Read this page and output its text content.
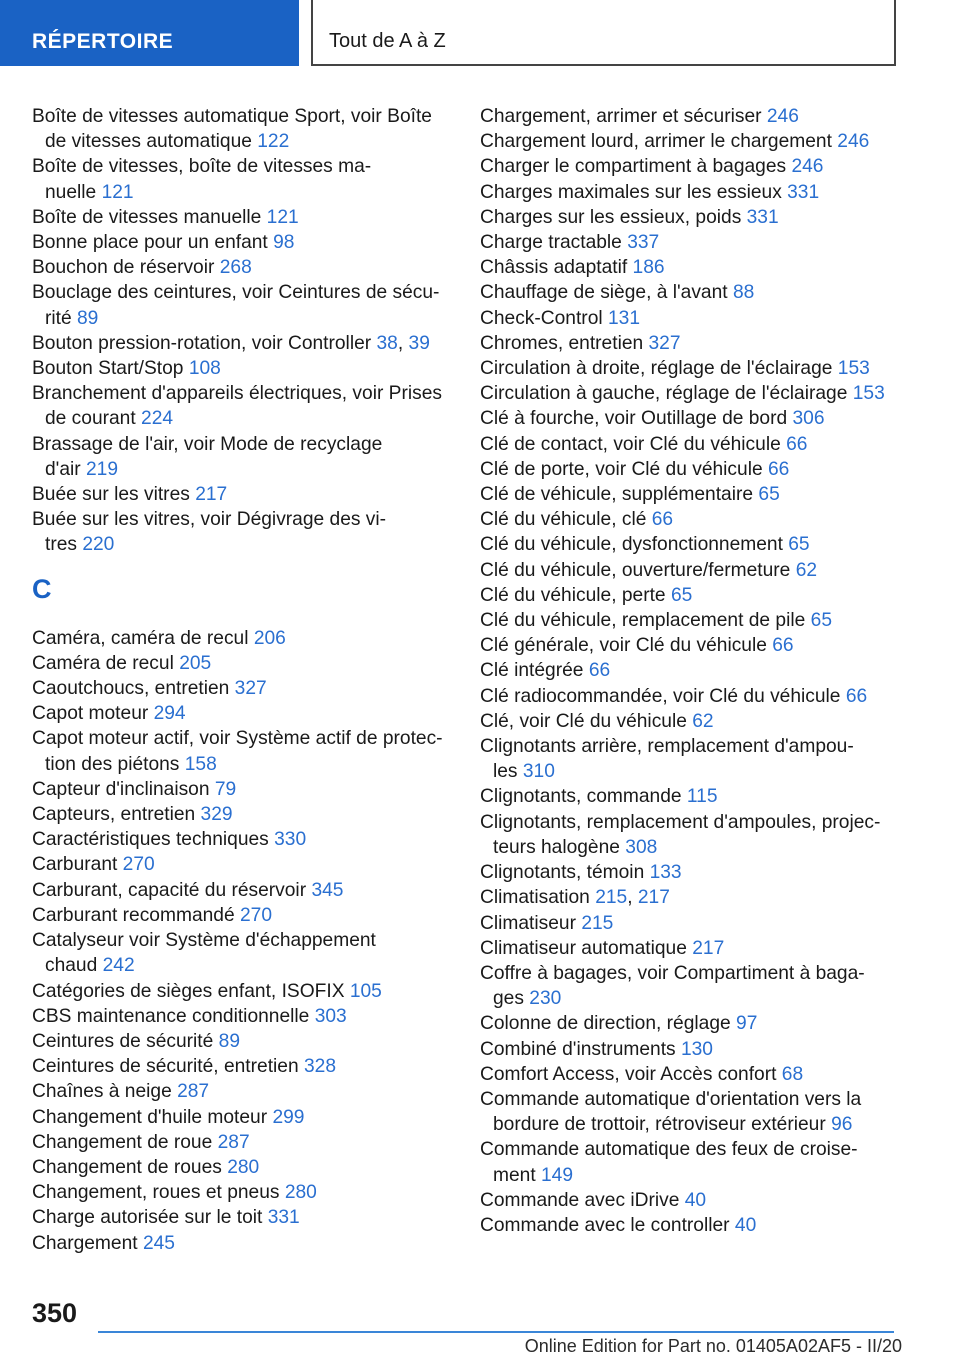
RÉPERTOIRE	Tout de A à Z
Boîte de vitesses automatique Sport, voir Boîte
de vitesses automatique 122
Boîte de vitesses, boîte de vitesses ma-
nuelle 121
Boîte de vitesses manuelle 121
Bonne place pour un enfant 98
Bouchon de réservoir 268
Bouclage des ceintures, voir Ceintures de sécu-
rité 89
Bouton pression-rotation, voir Controller 38, 39
Bouton Start/Stop 108
Branchement d'appareils électriques, voir Prises
de courant 224
Brassage de l'air, voir Mode de recyclage
d'air 219
Buée sur les vitres 217
Buée sur les vitres, voir Dégivrage des vi-
tres 220
C
Caméra, caméra de recul 206
Caméra de recul 205
Caoutchoucs, entretien 327
Capot moteur 294
Capot moteur actif, voir Système actif de protec-
tion des piétons 158
Capteur d'inclinaison 79
Capteurs, entretien 329
Caractéristiques techniques 330
Carburant 270
Carburant, capacité du réservoir 345
Carburant recommandé 270
Catalyseur voir Système d'échappement
chaud 242
Catégories de sièges enfant, ISOFIX 105
CBS maintenance conditionnelle 303
Ceintures de sécurité 89
Ceintures de sécurité, entretien 328
Chaînes à neige 287
Changement d'huile moteur 299
Changement de roue 287
Changement de roues 280
Changement, roues et pneus 280
Charge autorisée sur le toit 331
Chargement 245
Chargement, arrimer et sécuriser 246
Chargement lourd, arrimer le chargement 246
Charger le compartiment à bagages 246
Charges maximales sur les essieux 331
Charges sur les essieux, poids 331
Charge tractable 337
Châssis adaptatif 186
Chauffage de siège, à l'avant 88
Check-Control 131
Chromes, entretien 327
Circulation à droite, réglage de l'éclairage 153
Circulation à gauche, réglage de l'éclairage 153
Clé à fourche, voir Outillage de bord 306
Clé de contact, voir Clé du véhicule 66
Clé de porte, voir Clé du véhicule 66
Clé de véhicule, supplémentaire 65
Clé du véhicule, clé 66
Clé du véhicule, dysfonctionnement 65
Clé du véhicule, ouverture/fermeture 62
Clé du véhicule, perte 65
Clé du véhicule, remplacement de pile 65
Clé générale, voir Clé du véhicule 66
Clé intégrée 66
Clé radiocommandée, voir Clé du véhicule 66
Clé, voir Clé du véhicule 62
Clignotants arrière, remplacement d'ampou-
les 310
Clignotants, commande 115
Clignotants, remplacement d'ampoules, projec-
teurs halogène 308
Clignotants, témoin 133
Climatisation 215, 217
Climatiseur 215
Climatiseur automatique 217
Coffre à bagages, voir Compartiment à baga-
ges 230
Colonne de direction, réglage 97
Combiné d'instruments 130
Comfort Access, voir Accès confort 68
Commande automatique d'orientation vers la
bordure de trottoir, rétroviseur extérieur 96
Commande automatique des feux de croise-
ment 149
Commande avec iDrive 40
Commande avec le controller 40
350
Online Edition for Part no. 01405A02AF5 - II/20
